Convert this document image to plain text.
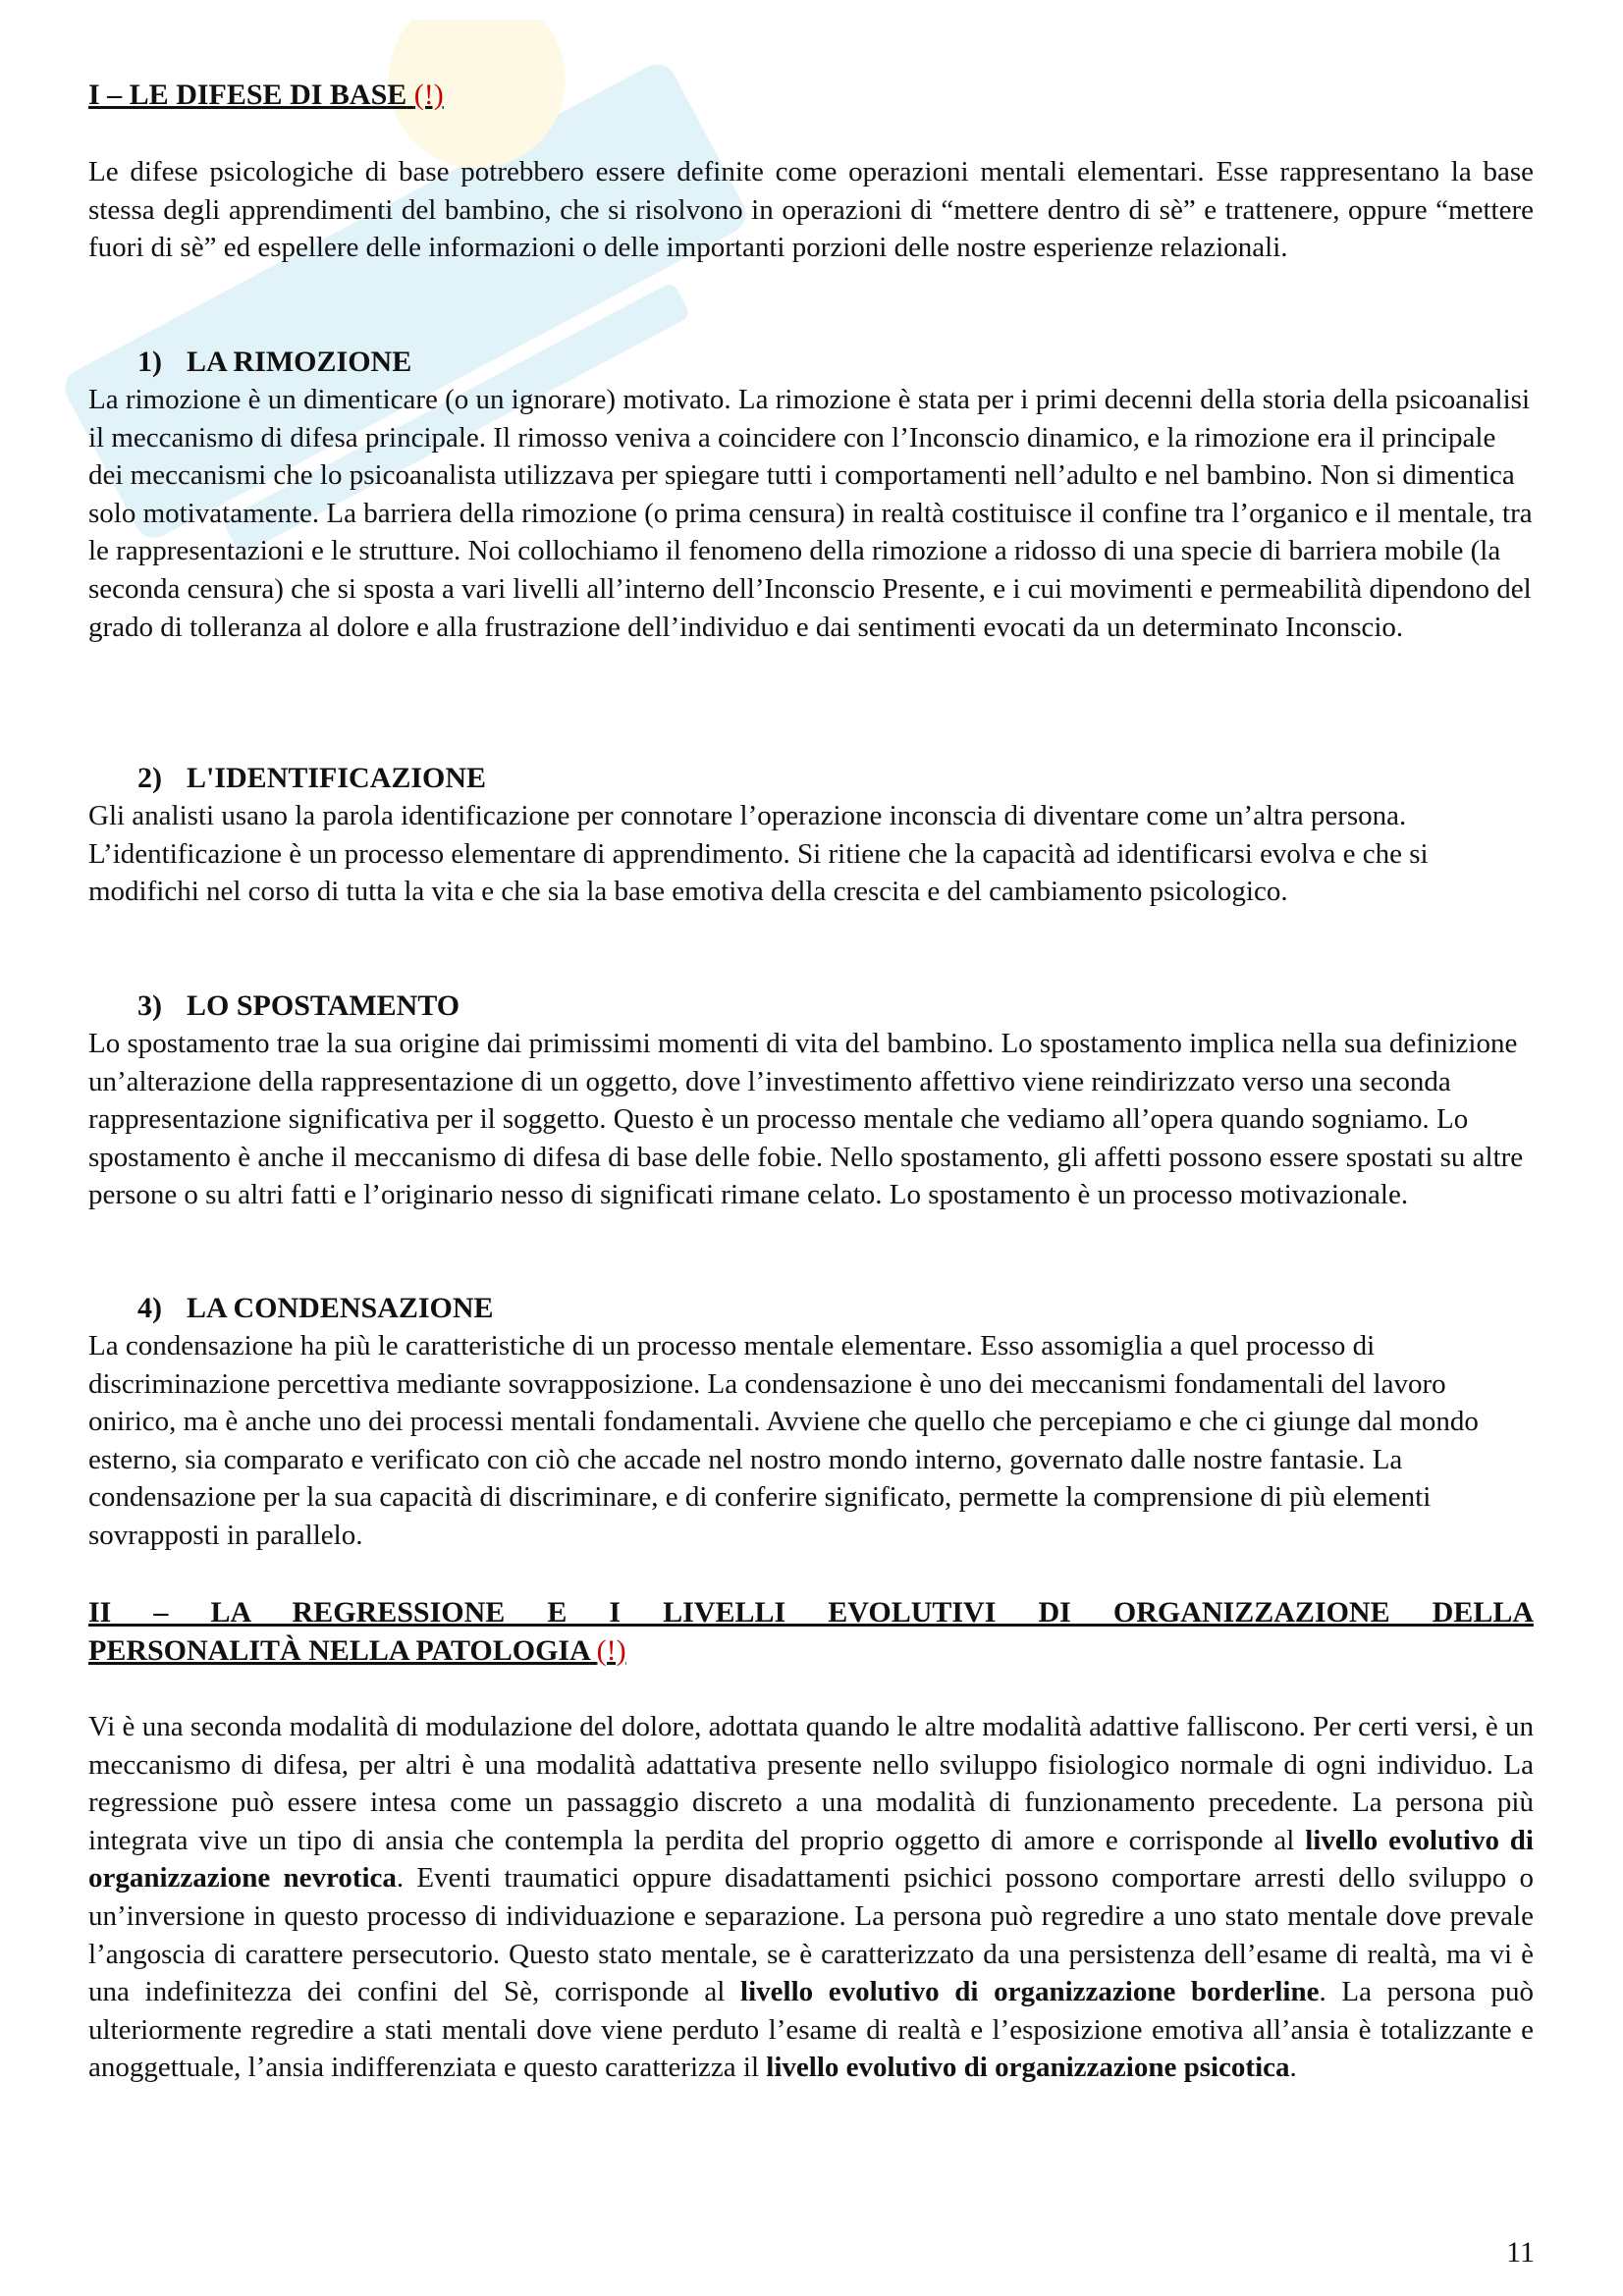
I – LE DIFESE DI BASE (!)

Le difese psicologiche di base potrebbero essere definite come operazioni mentali elementari. Esse rappresentano la base stessa degli apprendimenti del bambino, che si risolvono in operazioni di “mettere dentro di sè” e trattenere, oppure “mettere fuori di sè” ed espellere delle informazioni o delle importanti porzioni delle nostre esperienze relazionali.

1) LA RIMOZIONE

La rimozione è un dimenticare (o un ignorare) motivato. La rimozione è stata per i primi decenni della storia della psicoanalisi il meccanismo di difesa principale. Il rimosso veniva a coincidere con l’Inconscio dinamico, e la rimozione era il principale dei meccanismi che lo psicoanalista utilizzava per spiegare tutti i comportamenti nell’adulto e nel bambino. Non si dimentica solo motivatamente. La barriera della rimozione (o prima censura) in realtà costituisce il confine tra l’organico e il mentale, tra le rappresentazioni e le strutture. Noi collochiamo il fenomeno della rimozione a ridosso di una specie di barriera mobile (la seconda censura) che si sposta a vari livelli all’interno dell’Inconscio Presente, e i cui movimenti e permeabilità dipendono del grado di tolleranza al dolore e alla frustrazione dell’individuo e dai sentimenti evocati da un determinato Inconscio.

2) L'IDENTIFICAZIONE

Gli analisti usano la parola identificazione per connotare l’operazione inconscia di diventare come un’altra persona. L’identificazione è un processo elementare di apprendimento. Si ritiene che la capacità ad identificarsi evolva e che si modifichi nel corso di tutta la vita e che sia la base emotiva della crescita e del cambiamento psicologico.

3) LO SPOSTAMENTO

Lo spostamento trae la sua origine dai primissimi momenti di vita del bambino. Lo spostamento implica nella sua definizione un’alterazione della rappresentazione di un oggetto, dove l’investimento affettivo viene reindirizzato verso una seconda rappresentazione significativa per il soggetto. Questo è un processo mentale che vediamo all’opera quando sogniamo. Lo spostamento è anche il meccanismo di difesa di base delle fobie. Nello spostamento, gli affetti possono essere spostati su altre persone o su altri fatti e l’originario nesso di significati rimane celato. Lo spostamento è un processo motivazionale.

4) LA CONDENSAZIONE

La condensazione ha più le caratteristiche di un processo mentale elementare. Esso assomiglia a quel processo di discriminazione percettiva mediante sovrapposizione. La condensazione è uno dei meccanismi fondamentali del lavoro onirico, ma è anche uno dei processi mentali fondamentali. Avviene che quello che percepiamo e che ci giunge dal mondo esterno, sia comparato e verificato con ciò che accade nel nostro mondo interno, governato dalle nostre fantasie. La condensazione per la sua capacità di discriminare, e di conferire significato, permette la comprensione di più elementi sovrapposti in parallelo.

II – LA REGRESSIONE E I LIVELLI EVOLUTIVI DI ORGANIZZAZIONE DELLA
PERSONALITÀ NELLA PATOLOGIA (!)

Vi è una seconda modalità di modulazione del dolore, adottata quando le altre modalità adattive falliscono. Per certi versi, è un meccanismo di difesa, per altri è una modalità adattativa presente nello sviluppo fisiologico normale di ogni individuo. La regressione può essere intesa come un passaggio discreto a una modalità di funzionamento precedente. La persona più integrata vive un tipo di ansia che contempla la perdita del proprio oggetto di amore e corrisponde al livello evolutivo di organizzazione nevrotica. Eventi traumatici oppure disadattamenti psichici possono comportare arresti dello sviluppo o un’inversione in questo processo di individuazione e separazione. La persona può regredire a uno stato mentale dove prevale l’angoscia di carattere persecutorio. Questo stato mentale, se è caratterizzato da una persistenza dell’esame di realtà, ma vi è una indefinitezza dei confini del Sè, corrisponde al livello evolutivo di organizzazione borderline. La persona può ulteriormente regredire a stati mentali dove viene perduto l’esame di realtà e l’esposizione emotiva all’ansia è totalizzante e anoggettuale, l’ansia indifferenziata e questo caratterizza il livello evolutivo di organizzazione psicotica.

11
